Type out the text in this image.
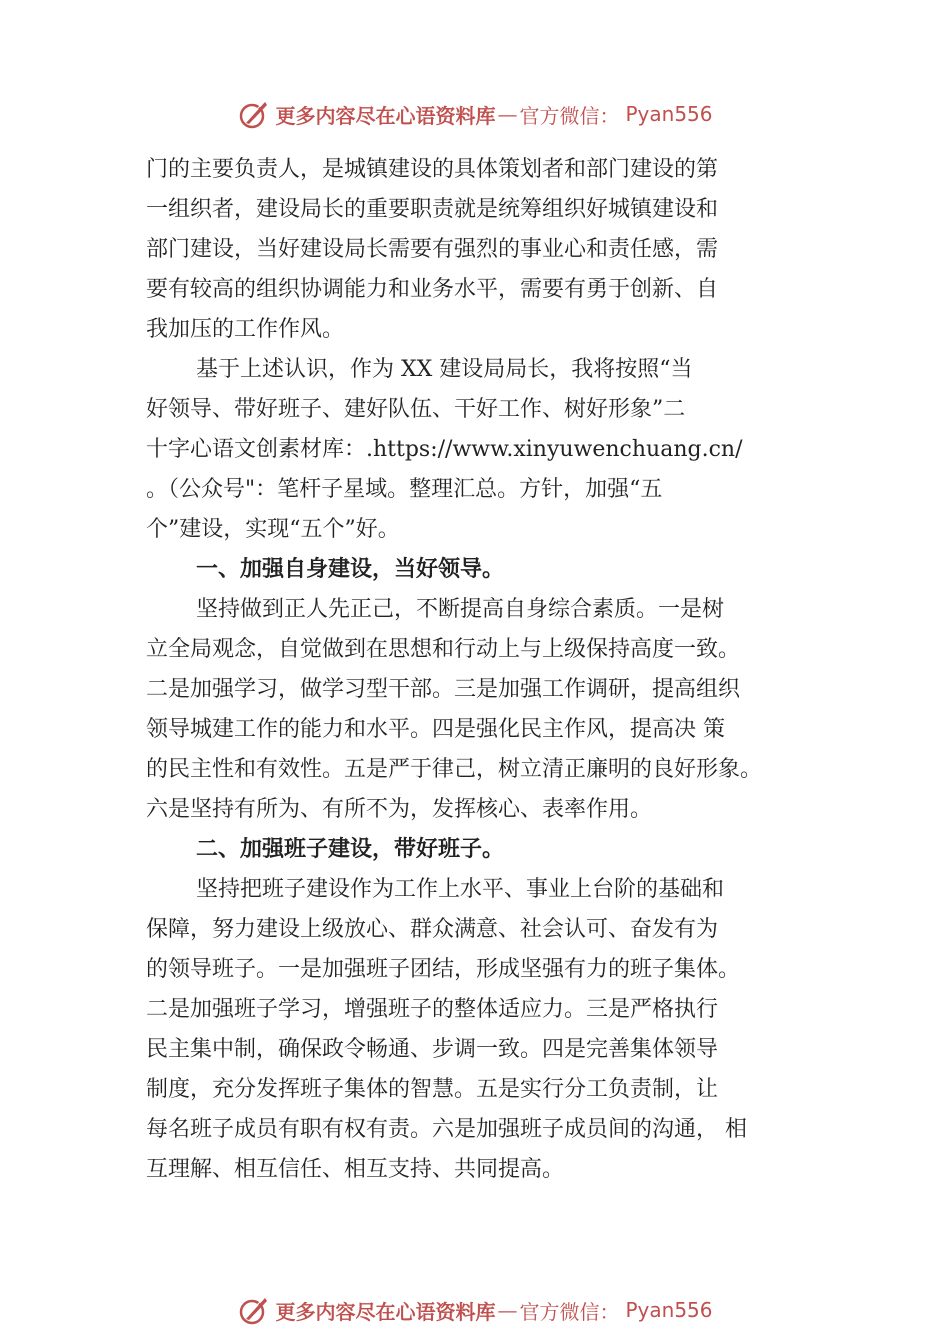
更多内容尽在心语资料库 — 官方微信： Pyan556
门的主要负责人，是城镇建设的具体策划者和部门建设的第
一组织者，建设局长的重要职责就是统筹组织好城镇建设和
部门建设，当好建设局长需要有强烈的事业心和责任感，需
要有较高的组织协调能力和业务水平，需要有勇于创新、自
我加压的工作作风。
基于上述认识，作为 XX 建设局局长，我将按照“当
好领导、带好班子、建好队伍、干好工作、树好形象”二
十字心语文创素材库：.https://www.xinyuwenchuang.cn/
。（公众号"：笔杆子星域。整理汇总。方针，加强“五
个”建设，实现“五个”好。
一、加强自身建设，当好领导。
坚持做到正人先正己，不断提高自身综合素质。一是树
立全局观念，自觉做到在思想和行动上与上级保持高度一致。
二是加强学习，做学习型干部。三是加强工作调研，提高组织
领导城建工作的能力和水平。四是强化民主作风，提高决 策
的民主性和有效性。五是严于律己，树立清正廉明的良好形象。
六是坚持有所为、有所不为，发挥核心、表率作用。
二、加强班子建设，带好班子。
坚持把班子建设作为工作上水平、事业上台阶的基础和
保障，努力建设上级放心、群众满意、社会认可、奋发有为
的领导班子。一是加强班子团结，形成坚强有力的班子集体。
二是加强班子学习，增强班子的整体适应力。三是严格执行
民主集中制，确保政令畅通、步调一致。四是完善集体领导
制度，充分发挥班子集体的智慧。五是实行分工负责制，让
每名班子成员有职有权有责。六是加强班子成员间的沟通， 相
互理解、相互信任、相互支持、共同提高。
更多内容尽在心语资料库 — 官方微信： Pyan556
